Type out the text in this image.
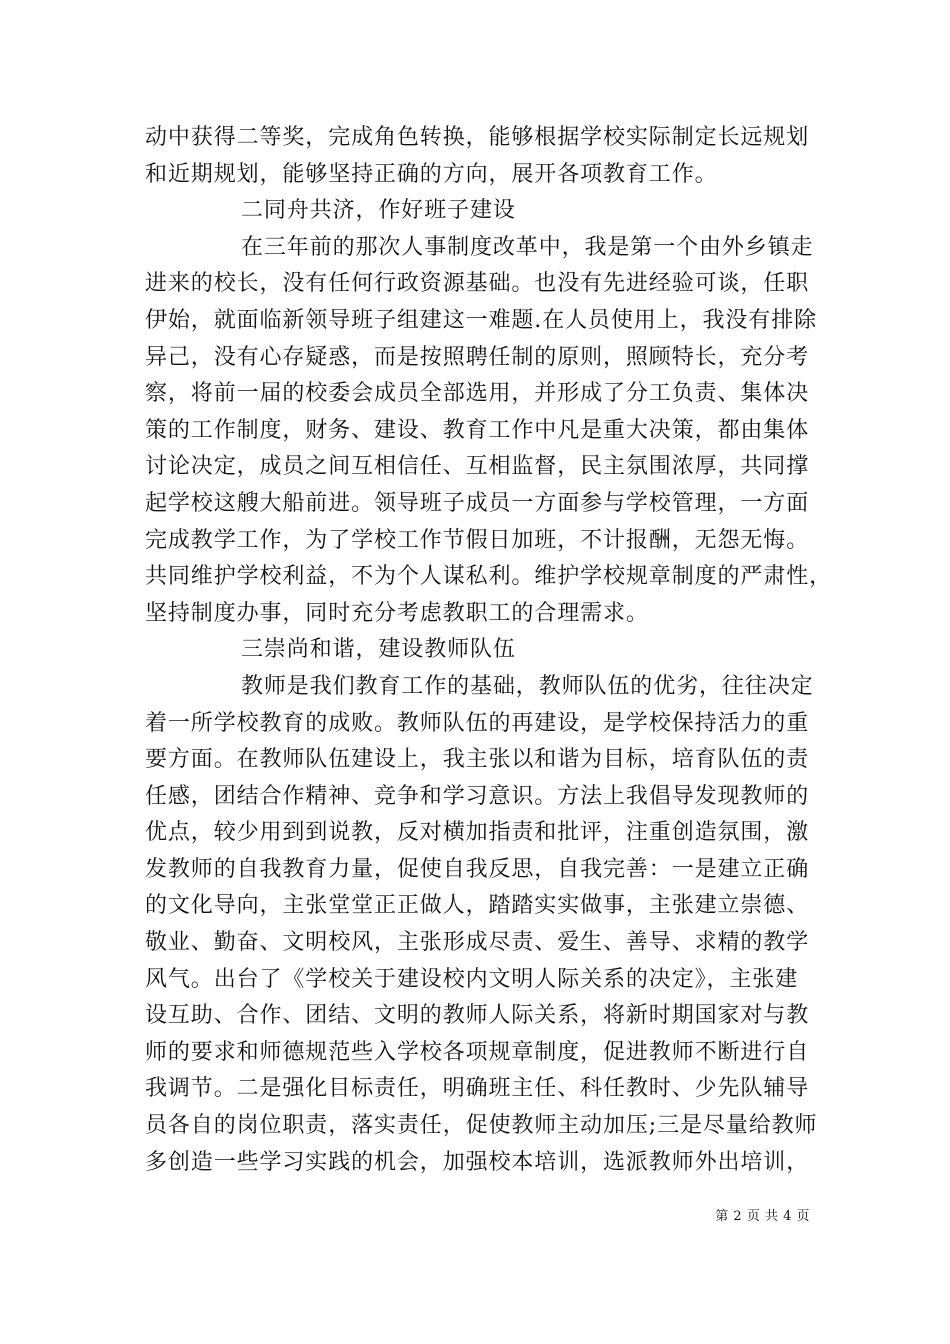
动中获得二等奖，完成角色转换，能够根据学校实际制定长远规划
和近期规划，能够坚持正确的方向，展开各项教育工作。
二同舟共济，作好班子建设
在三年前的那次人事制度改革中，我是第一个由外乡镇走
进来的校长，没有任何行政资源基础。也没有先进经验可谈，任职
伊始，就面临新领导班子组建这一难题.在人员使用上，我没有排除
异己，没有心存疑惑，而是按照聘任制的原则，照顾特长，充分考
察，将前一届的校委会成员全部选用，并形成了分工负责、集体决
策的工作制度，财务、建设、教育工作中凡是重大决策，都由集体
讨论决定，成员之间互相信任、互相监督，民主氛围浓厚，共同撑
起学校这艘大船前进。领导班子成员一方面参与学校管理，一方面
完成教学工作，为了学校工作节假日加班，不计报酬，无怨无悔。
共同维护学校利益，不为个人谋私利。维护学校规章制度的严肃性，
坚持制度办事，同时充分考虑教职工的合理需求。
三崇尚和谐，建设教师队伍
教师是我们教育工作的基础，教师队伍的优劣，往往决定
着一所学校教育的成败。教师队伍的再建设，是学校保持活力的重
要方面。在教师队伍建设上，我主张以和谐为目标，培育队伍的责
任感，团结合作精神、竞争和学习意识。方法上我倡导发现教师的
优点，较少用到到说教，反对横加指责和批评，注重创造氛围，激
发教师的自我教育力量，促使自我反思，自我完善：一是建立正确
的文化导向，主张堂堂正正做人，踏踏实实做事，主张建立崇德、
敬业、勤奋、文明校风，主张形成尽责、爱生、善导、求精的教学
风气。出台了《学校关于建设校内文明人际关系的决定》，主张建
设互助、合作、团结、文明的教师人际关系，将新时期国家对与教
师的要求和师德规范些入学校各项规章制度，促进教师不断进行自
我调节。二是强化目标责任，明确班主任、科任教时、少先队辅导
员各自的岗位职责，落实责任，促使教师主动加压;三是尽量给教师
多创造一些学习实践的机会，加强校本培训，选派教师外出培训，
第 2 页 共 4 页
